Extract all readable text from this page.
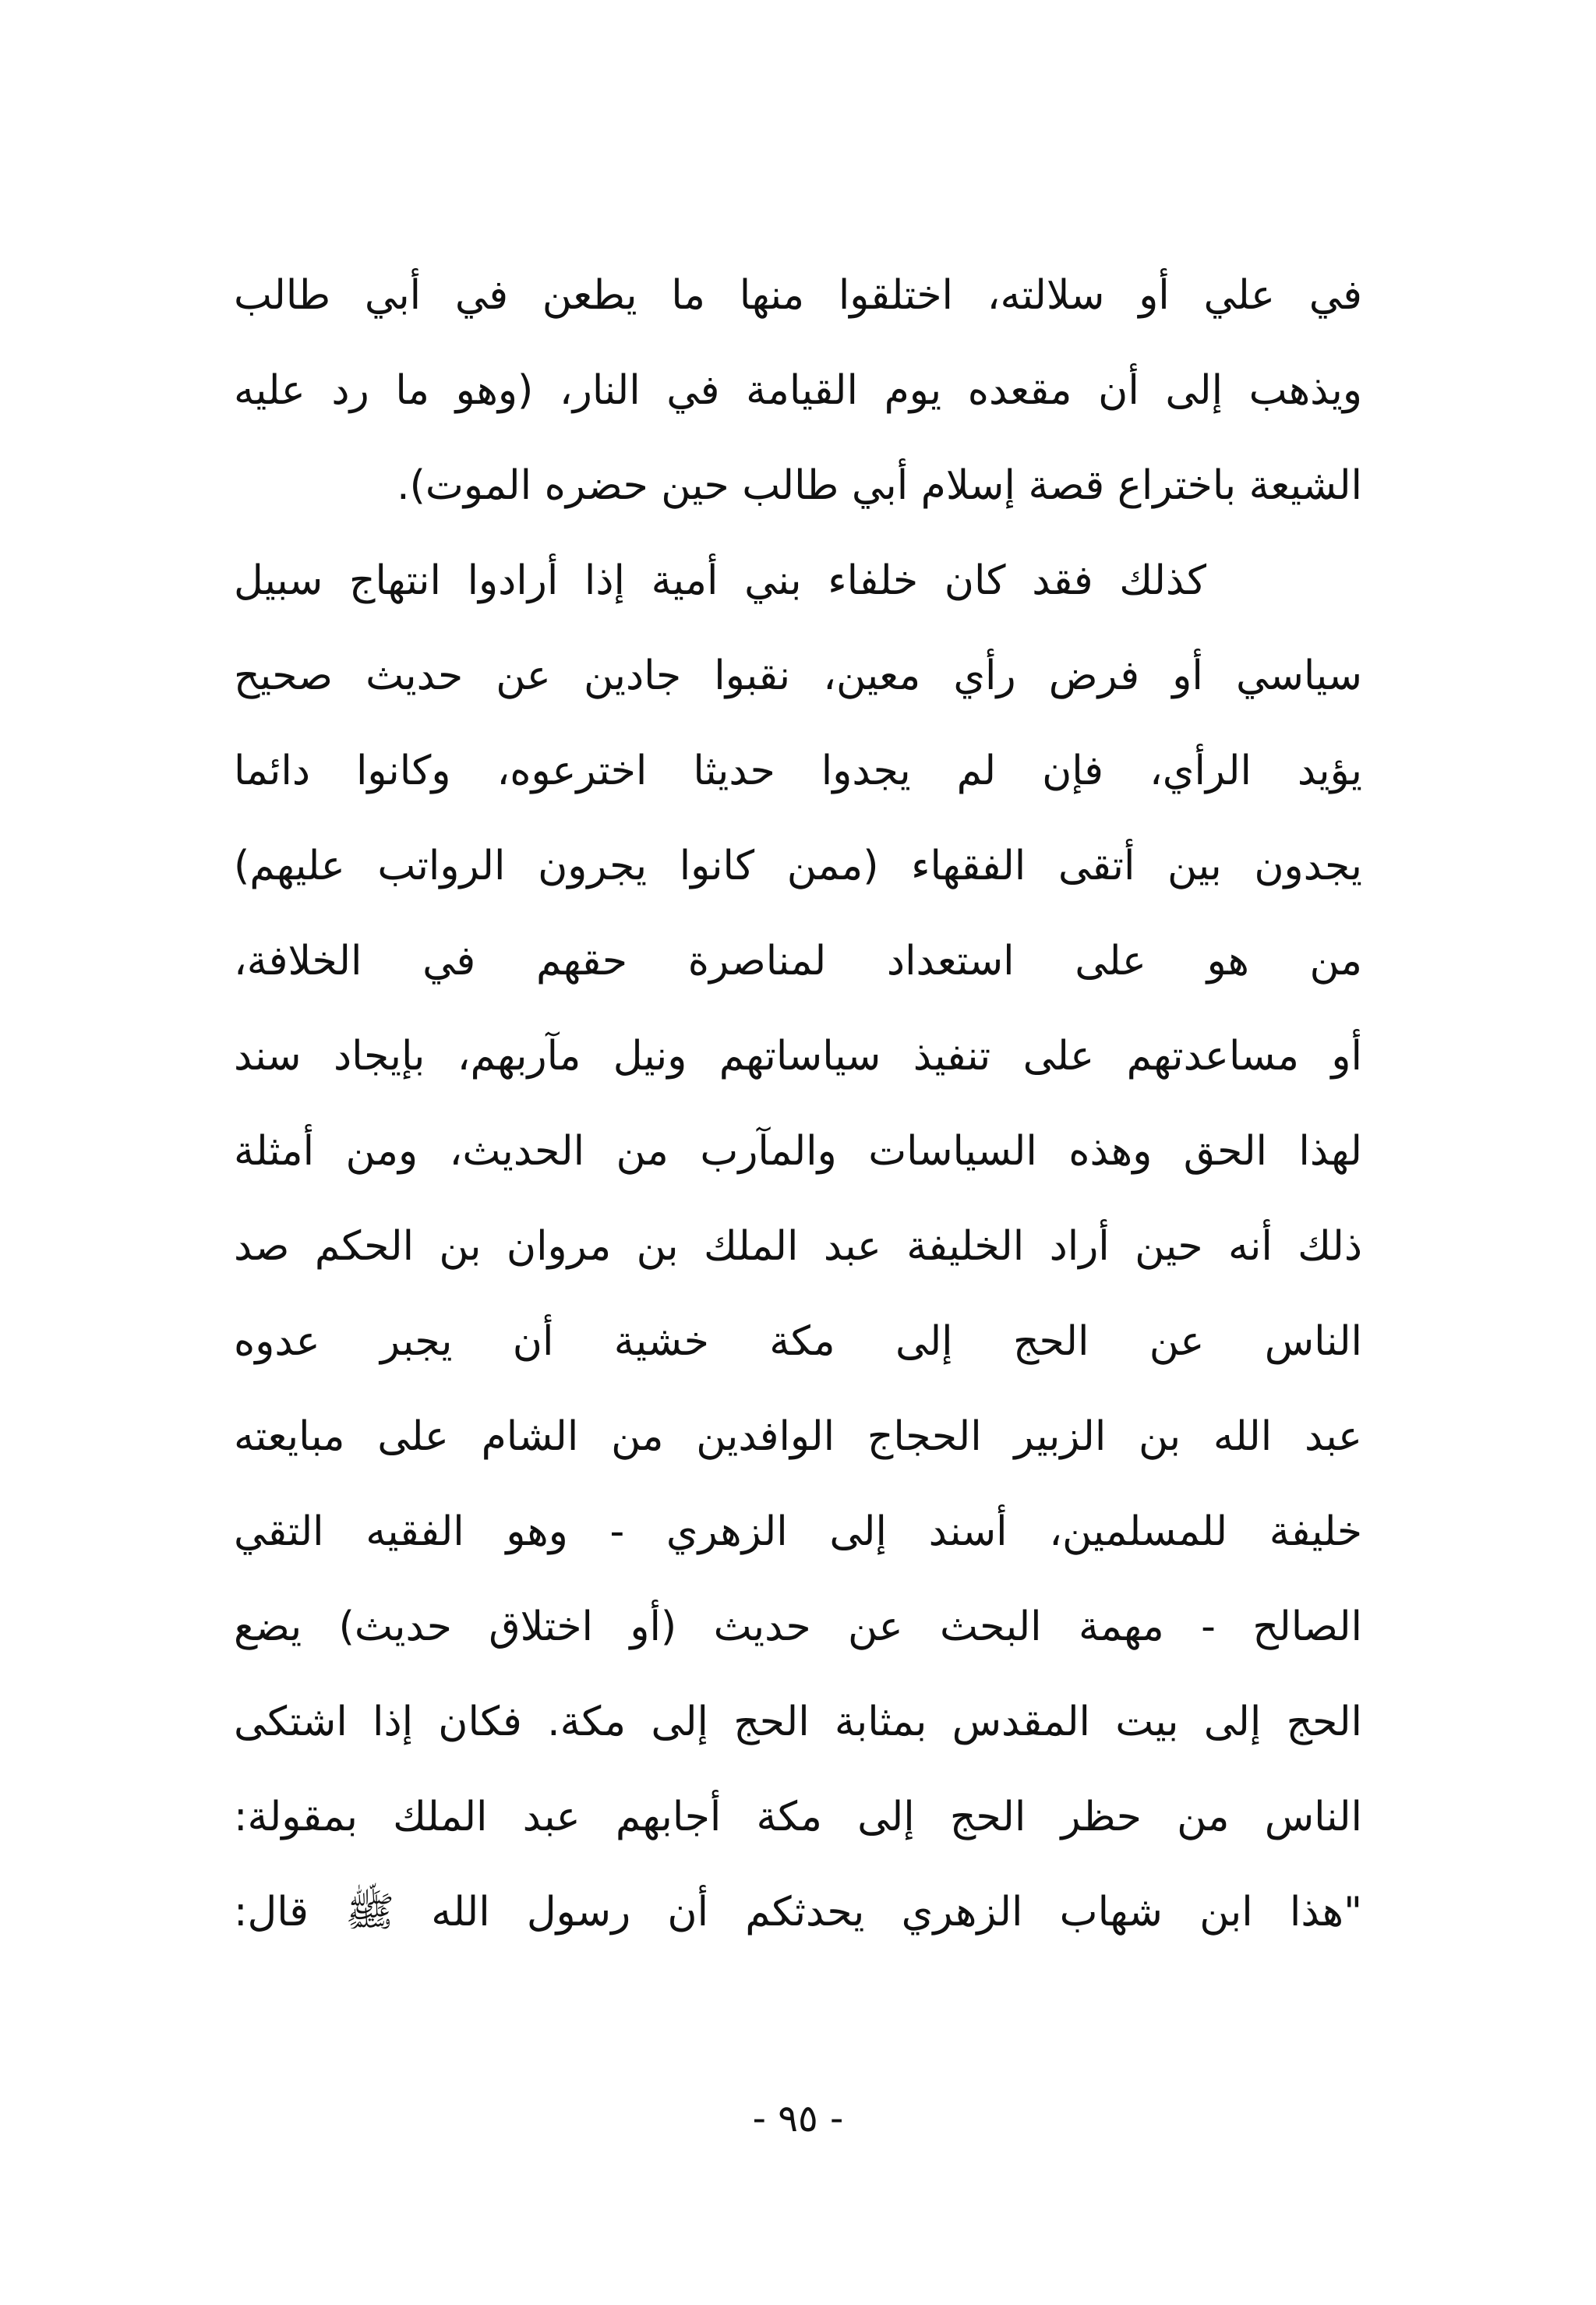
في علي أو سلالته، اختلقوا منها ما يطعن في أبي طالب
ويذهب إلى أن مقعده يوم القيامة في النار، (وهو ما رد عليه
الشيعة باختراع قصة إسلام أبي طالب حين حضره الموت).
كذلك فقد كان خلفاء بني أمية إذا أرادوا انتهاج سبيل
سياسي أو فرض رأي معين، نقبوا جادين عن حديث صحيح
يؤيد الرأي، فإن لم يجدوا حديثا اخترعوه، وكانوا دائما
يجدون بين أتقى الفقهاء (ممن كانوا يجرون الرواتب عليهم)
من هو على استعداد لمناصرة حقهم في الخلافة،
أو مساعدتهم على تنفيذ سياساتهم ونيل مآربهم، بإيجاد سند
لهذا الحق وهذه السياسات والمآرب من الحديث، ومن أمثلة
ذلك أنه حين أراد الخليفة عبد الملك بن مروان بن الحكم صد
الناس عن الحج إلى مكة خشية أن يجبر عدوه
عبد الله بن الزبير الحجاج الوافدين من الشام على مبايعته
خليفة للمسلمين، أسند إلى الزهري - وهو الفقيه التقي
الصالح - مهمة البحث عن حديث (أو اختلاق حديث) يضع
الحج إلى بيت المقدس بمثابة الحج إلى مكة. فكان إذا اشتكى
الناس من حظر الحج إلى مكة أجابهم عبد الملك بمقولة:
"هذا ابن شهاب الزهري يحدثكم أن رسول الله ﷺ قال:
- ٩٥ -
